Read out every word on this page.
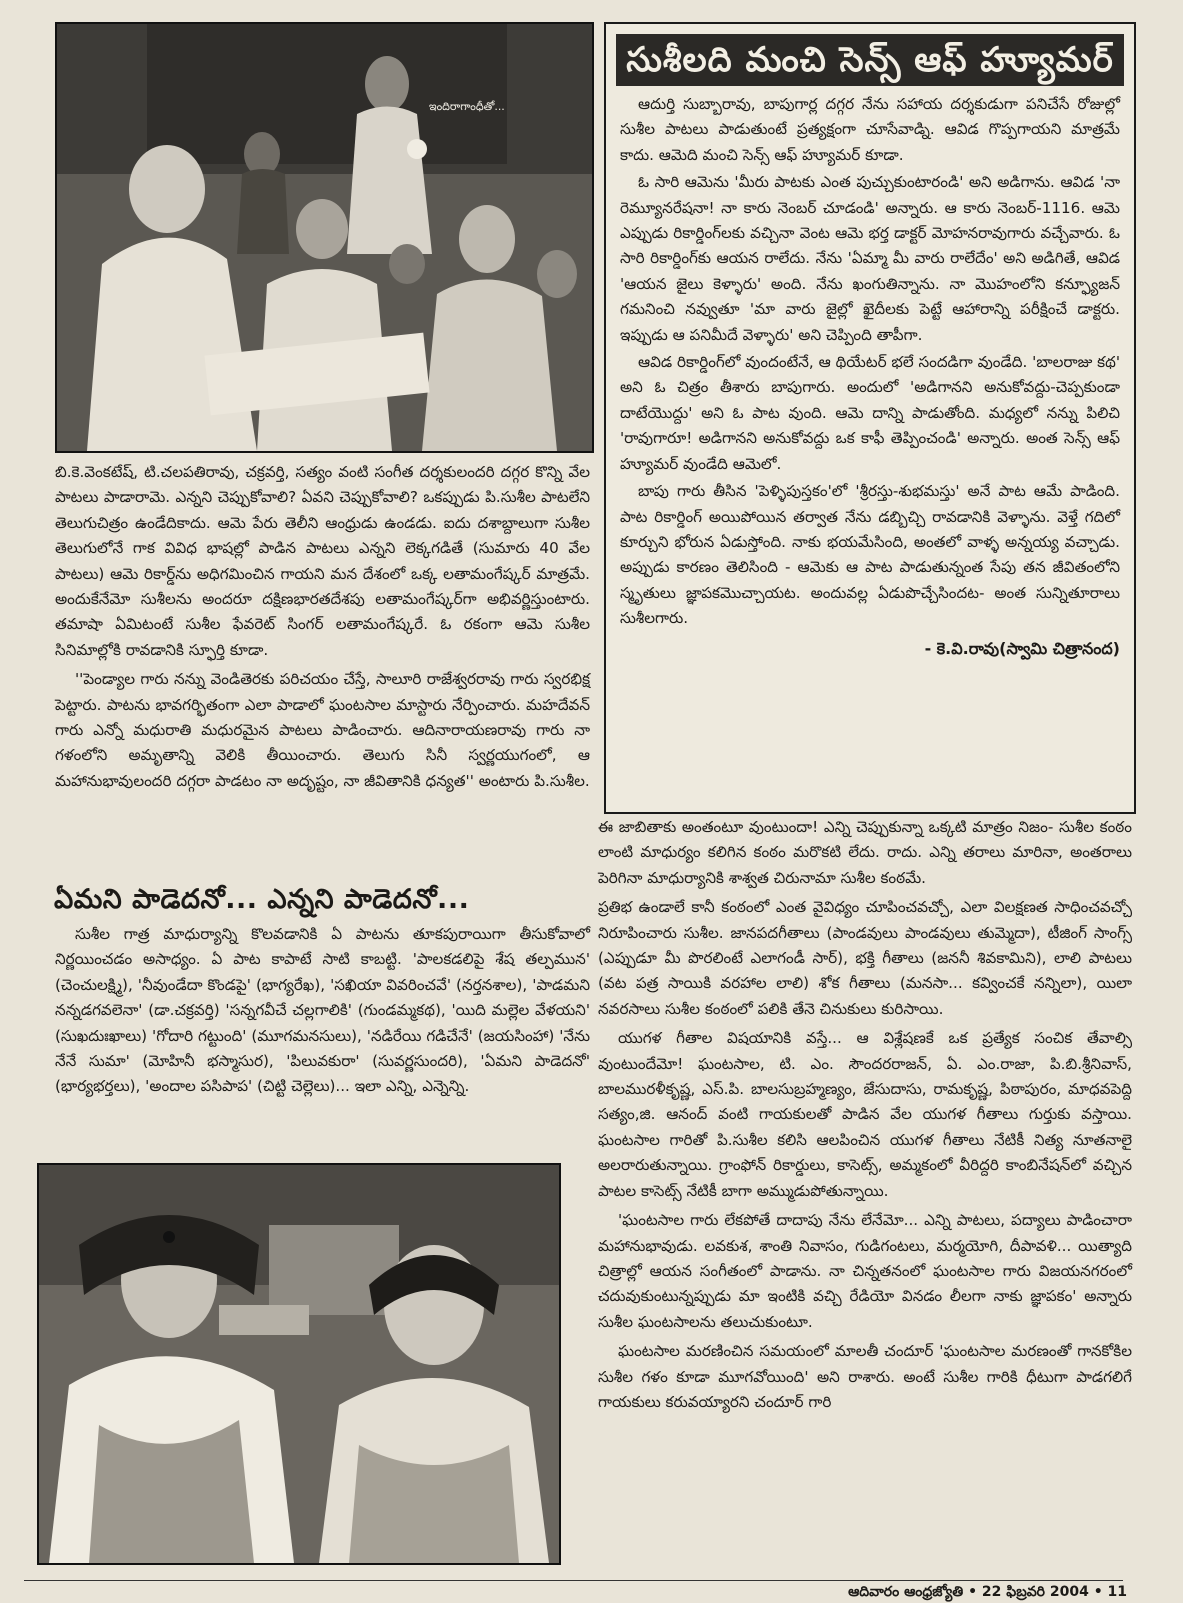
ఇందిరాగాంధీతో...
సుశీలది మంచి సెన్స్ ఆఫ్ హ్యూమర్

ఆదుర్తి సుబ్బారావు, బాపుగార్ల దగ్గర నేను సహాయ దర్శకుడుగా పనిచేసే రోజుల్లో సుశీల పాటలు పాడుతుంటే ప్రత్యక్షంగా చూసేవాడ్ని. ఆవిడ గొప్పగాయని మాత్రమే కాదు. ఆమెది మంచి సెన్స్ ఆఫ్ హ్యూమర్ కూడా.

ఓ సారి ఆమెను 'మీరు పాటకు ఎంత పుచ్చుకుంటారండి' అని అడిగాను. ఆవిడ 'నా రెమ్యూనరేషనా! నా కారు నెంబర్ చూడండి' అన్నారు. ఆ కారు నెంబర్-1116. ఆమె ఎప్పుడు రికార్డింగ్‌లకు వచ్చినా వెంట ఆమె భర్త డాక్టర్ మోహనరావుగారు వచ్చేవారు. ఓ సారి రికార్డింగ్‌కు ఆయన రాలేదు. నేను 'ఏమ్మా మీ వారు రాలేదేం' అని అడిగితే, ఆవిడ 'ఆయన జైలు కెళ్ళారు' అంది. నేను ఖంగుతిన్నాను. నా మొహంలోని కన్ఫ్యూజన్ గమనించి నవ్వుతూ 'మా వారు జైల్లో ఖైదీలకు పెట్టే ఆహారాన్ని పరీక్షించే డాక్టరు. ఇప్పుడు ఆ పనిమీదే వెళ్ళారు' అని చెప్పింది తాపీగా.

ఆవిడ రికార్డింగ్‌లో వుందంటేనే, ఆ థియేటర్ భలే సందడిగా వుండేది. 'బాలరాజు కథ' అని ఓ చిత్రం తీశారు బాపుగారు. అందులో 'అడిగానని అనుకోవద్దు-చెప్పకుండా దాటేయొద్దు' అని ఓ పాట వుంది. ఆమె దాన్ని పాడుతోంది. మధ్యలో నన్ను పిలిచి 'రావుగారూ! అడిగానని అనుకోవద్దు ఒక కాఫీ తెప్పించండి' అన్నారు. అంత సెన్స్ ఆఫ్ హ్యూమర్ వుండేది ఆమెలో.

బాపు గారు తీసిన 'పెళ్ళిపుస్తకం'లో 'శ్రీరస్తు-శుభమస్తు' అనే పాట ఆమే పాడింది. పాట రికార్డింగ్ అయిపోయిన తర్వాత నేను డబ్బిచ్చి రావడానికి వెళ్ళాను. వెళ్తే గదిలో కూర్చుని భోరున ఏడుస్తోంది. నాకు భయమేసింది, అంతలో వాళ్ళ అన్నయ్య వచ్చాడు. అప్పుడు కారణం తెలిసింది - ఆమెకు ఆ పాట పాడుతున్నంత సేపు తన జీవితంలోని స్మృతులు జ్ఞాపకమొచ్చాయట. అందువల్ల ఏడుపొచ్చేసిందట- అంత సున్నితూరాలు సుశీలగారు.

- కె.వి.రావు(స్వామి చిత్రానంద)

బి.కె.వెంకటేష్, టి.చలపతిరావు, చక్రవర్తి, సత్యం వంటి సంగీత దర్శకులందరి దగ్గర కొన్ని వేల పాటలు పాడారామె. ఎన్నని చెప్పుకోవాలి? ఏవని చెప్పుకోవాలి? ఒకప్పుడు పి.సుశీల పాటలేని తెలుగుచిత్రం ఉండేదికాదు. ఆమె పేరు తెలీని ఆంధ్రుడు ఉండడు. ఐదు దశాబ్దాలుగా సుశీల తెలుగులోనే గాక వివిధ భాషల్లో పాడిన పాటలు ఎన్నని లెక్కగడితే (సుమారు 40 వేల పాటలు) ఆమె రికార్డ్‌ను అధిగమించిన గాయని మన దేశంలో ఒక్క లతామంగేష్కర్ మాత్రమే. అందుకేనేమో సుశీలను అందరూ దక్షిణభారతదేశపు లతామంగేష్కర్‌గా అభివర్ణిస్తుంటారు. తమాషా ఏమిటంటే సుశీల ఫేవరెట్ సింగర్ లతామంగేష్కరే. ఓ రకంగా ఆమె సుశీల సినిమాల్లోకి రావడానికి స్ఫూర్తి కూడా.

''పెండ్యాల గారు నన్ను వెండితెరకు పరిచయం చేస్తే, సాలూరి రాజేశ్వరరావు గారు స్వరభిక్ష పెట్టారు. పాటను భావగర్భితంగా ఎలా పాడాలో ఘంటసాల మాస్టారు నేర్పించారు. మహదేవన్ గారు ఎన్నో మధురాతి మధురమైన పాటలు పాడించారు. ఆదినారాయణరావు గారు నా గళంలోని అమృతాన్ని వెలికి తీయించారు. తెలుగు సినీ స్వర్ణయుగంలో, ఆ మహానుభావులందరి దగ్గరా పాడటం నా అదృష్టం, నా జీవితానికి ధన్యత'' అంటారు పి.సుశీల.

ఏమని పాడెదనో... ఎన్నని పాడెదనో...

సుశీల గాత్ర మాధుర్యాన్ని కొలవడానికి ఏ పాటను తూకపురాయిగా తీసుకోవాలో నిర్ణయించడం అసాధ్యం. ఏ పాట కాపాటే సాటి కాబట్టి. 'పాలకడలిపై శేష తల్పమున' (చెంచులక్ష్మి), 'నీవుండేదా కొండపై' (భాగ్యరేఖ), 'సఖియా వివరించవే' (నర్తనశాల), 'పాడమని నన్నడగవలెనా' (డా.చక్రవర్తి) 'సన్నగవీచే చల్లగాలికి' (గుండమ్మకథ), 'యిది మల్లెల వేళయని' (సుఖదుఃఖాలు) 'గోదారి గట్టుంది' (మూగమనసులు), 'నడిరేయి గడిచేనే' (జయసింహా) 'నేను నేనే సుమా' (మోహినీ భస్మాసుర), 'పిలువకురా' (సువర్ణసుందరి), 'ఏమని పాడెదనో' (భార్యభర్తలు), 'అందాల పసిపాప' (చిట్టి చెల్లెలు)... ఇలా ఎన్ని, ఎన్నెన్ని.

ఈ జాబితాకు అంతంటూ వుంటుందా! ఎన్ని చెప్పుకున్నా ఒక్కటి మాత్రం నిజం- సుశీల కంఠం లాంటి మాధుర్యం కలిగిన కంఠం మరొకటి లేదు. రాదు. ఎన్ని తరాలు మారినా, అంతరాలు పెరిగినా మాధుర్యానికి శాశ్వత చిరునామా సుశీల కంఠమే.

ప్రతిభ ఉండాలే కానీ కంఠంలో ఎంత వైవిధ్యం చూపించవచ్చో, ఎలా విలక్షణత సాధించవచ్చో నిరూపించారు సుశీల. జానపదగీతాలు (పాండవులు పాండవులు తుమ్మెదా), టీజింగ్ సాంగ్స్ (ఎప్పుడూ మీ పొరలింటే ఎలాగండీ సార్), భక్తి గీతాలు (జననీ శివకామిని), లాలి పాటలు (వట పత్ర సాయికి వరహాల లాలి) శోక గీతాలు (మనసా... కవ్వించకే నన్నిలా), యిలా నవరసాలు సుశీల కంఠంలో పలికి తేనె చినుకులు కురిసాయి.

యుగళ గీతాల విషయానికి వస్తే... ఆ విశ్లేషణకే ఒక ప్రత్యేక సంచిక తేవాల్సి వుంటుందేమో! ఘంటసాల, టి. ఎం. సౌందరరాజన్, ఏ. ఎం.రాజా, పి.బి.శ్రీనివాస్, బాలమురళీకృష్ణ, ఎస్.పి. బాలసుబ్రహ్మణ్యం, జేసుదాసు, రామకృష్ణ, పిఠాపురం, మాధవపెద్ది సత్యం,జి. ఆనంద్ వంటి గాయకులతో పాడిన వేల యుగళ గీతాలు గుర్తుకు వస్తాయి. ఘంటసాల గారితో పి.సుశీల కలిసి ఆలపించిన యుగళ గీతాలు నేటికీ నిత్య నూతనాలై అలరారుతున్నాయి. గ్రాంఫోన్ రికార్డులు, కాసెట్స్, అమ్మకంలో వీరిద్దరి కాంబినేషన్‌లో వచ్చిన పాటల కాసెట్స్ నేటికీ బాగా అమ్ముడుపోతున్నాయి.

'ఘంటసాల గారు లేకపోతే దాదాపు నేను లేనేమో... ఎన్ని పాటలు, పద్యాలు పాడించారా మహానుభావుడు. లవకుశ, శాంతి నివాసం, గుడిగంటలు, మర్మయోగి, దీపావళి... యిత్యాది చిత్రాల్లో ఆయన సంగీతంలో పాడాను. నా చిన్నతనంలో ఘంటసాల గారు విజయనగరంలో చదువుకుంటున్నప్పుడు మా ఇంటికి వచ్చి రేడియో వినడం లీలగా నాకు జ్ఞాపకం' అన్నారు సుశీల ఘంటసాలను తలుచుకుంటూ.

ఘంటసాల మరణించిన సమయంలో మాలతీ చందూర్ 'ఘంటసాల మరణంతో గానకోకిల సుశీల గళం కూడా మూగవోయింది' అని రాశారు. అంటే సుశీల గారికి ధీటుగా పాడగలిగే గాయకులు కరువయ్యారని చందూర్ గారి

ఆదివారం ఆంధ్రజ్యోతి • 22 ఫిబ్రవరి 2004 • 11
